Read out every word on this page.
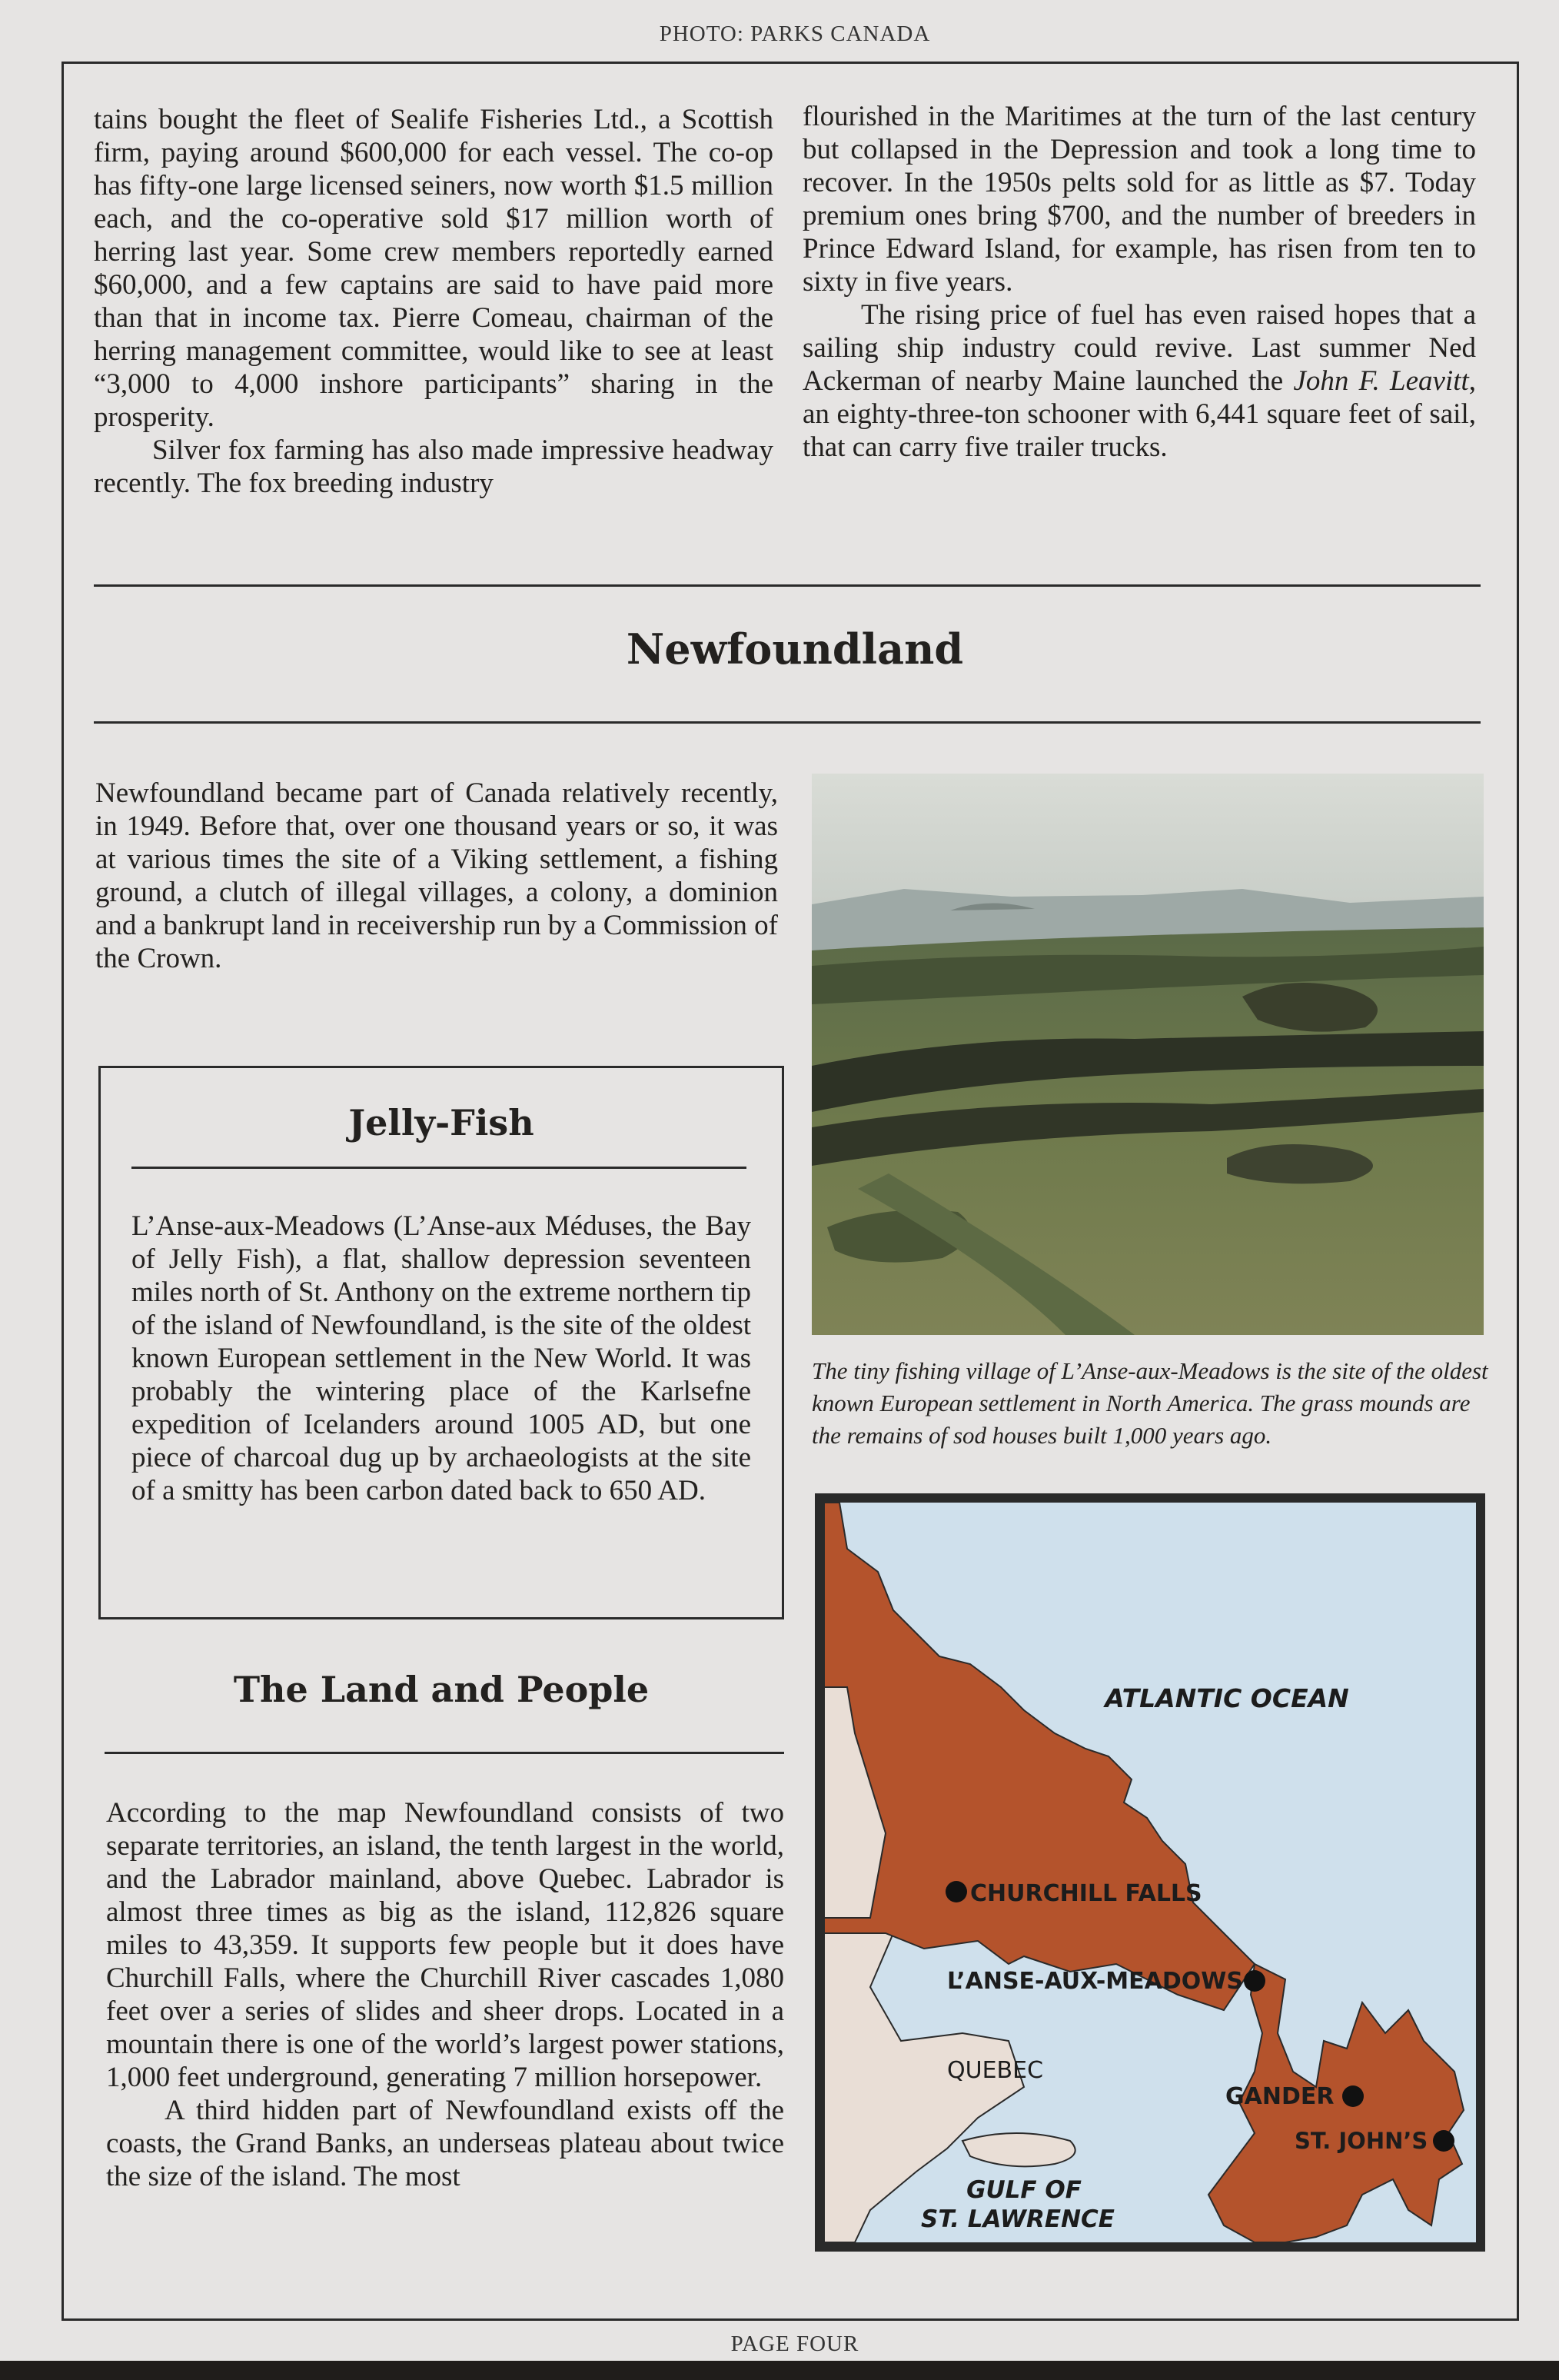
PHOTO: PARKS CANADA

tains bought the fleet of Sealife Fisheries Ltd., a Scottish firm, paying around $600,000 for each vessel. The co-op has fifty-one large licensed seiners, now worth $1.5 million each, and the co-operative sold $17 million worth of herring last year. Some crew members reportedly earned $60,000, and a few captains are said to have paid more than that in income tax. Pierre Comeau, chairman of the herring management committee, would like to see at least “3,000 to 4,000 inshore participants” sharing in the prosperity.

Silver fox farming has also made impressive headway recently. The fox breeding industry

flourished in the Maritimes at the turn of the last century but collapsed in the Depression and took a long time to recover. In the 1950s pelts sold for as little as $7. Today premium ones bring $700, and the number of breeders in Prince Edward Island, for example, has risen from ten to sixty in five years.

The rising price of fuel has even raised hopes that a sailing ship industry could revive. Last summer Ned Ackerman of nearby Maine launched the John F. Leavitt, an eighty-three-ton schooner with 6,441 square feet of sail, that can carry five trailer trucks.

Newfoundland

Newfoundland became part of Canada relatively recently, in 1949. Before that, over one thousand years or so, it was at various times the site of a Viking settlement, a fishing ground, a clutch of illegal villages, a colony, a dominion and a bankrupt land in receivership run by a Commission of the Crown.

Jelly-Fish

L’Anse-aux-Meadows (L’Anse-aux Méduses, the Bay of Jelly Fish), a flat, shallow depression seventeen miles north of St. Anthony on the extreme northern tip of the island of Newfoundland, is the site of the oldest known European settlement in the New World. It was probably the wintering place of the Karlsefne expedition of Icelanders around 1005 AD, but one piece of charcoal dug up by archaeologists at the site of a smitty has been carbon dated back to 650 AD.

The Land and People

According to the map Newfoundland consists of two separate territories, an island, the tenth largest in the world, and the Labrador mainland, above Quebec. Labrador is almost three times as big as the island, 112,826 square miles to 43,359. It supports few people but it does have Churchill Falls, where the Churchill River cascades 1,080 feet over a series of slides and sheer drops. Located in a mountain there is one of the world’s largest power stations, 1,000 feet underground, generating 7 million horsepower.

A third hidden part of Newfoundland exists off the coasts, the Grand Banks, an underseas plateau about twice the size of the island. The most

The tiny fishing village of L’Anse-aux-Meadows is the site of the oldest known European settlement in North America. The grass mounds are the remains of sod houses built 1,000 years ago.

ATLANTIC OCEAN
CHURCHILL FALLS
L’ANSE-AUX-MEADOWS
QUEBEC
GANDER
ST. JOHN’S
GULF OF
ST. LAWRENCE
PAGE FOUR
